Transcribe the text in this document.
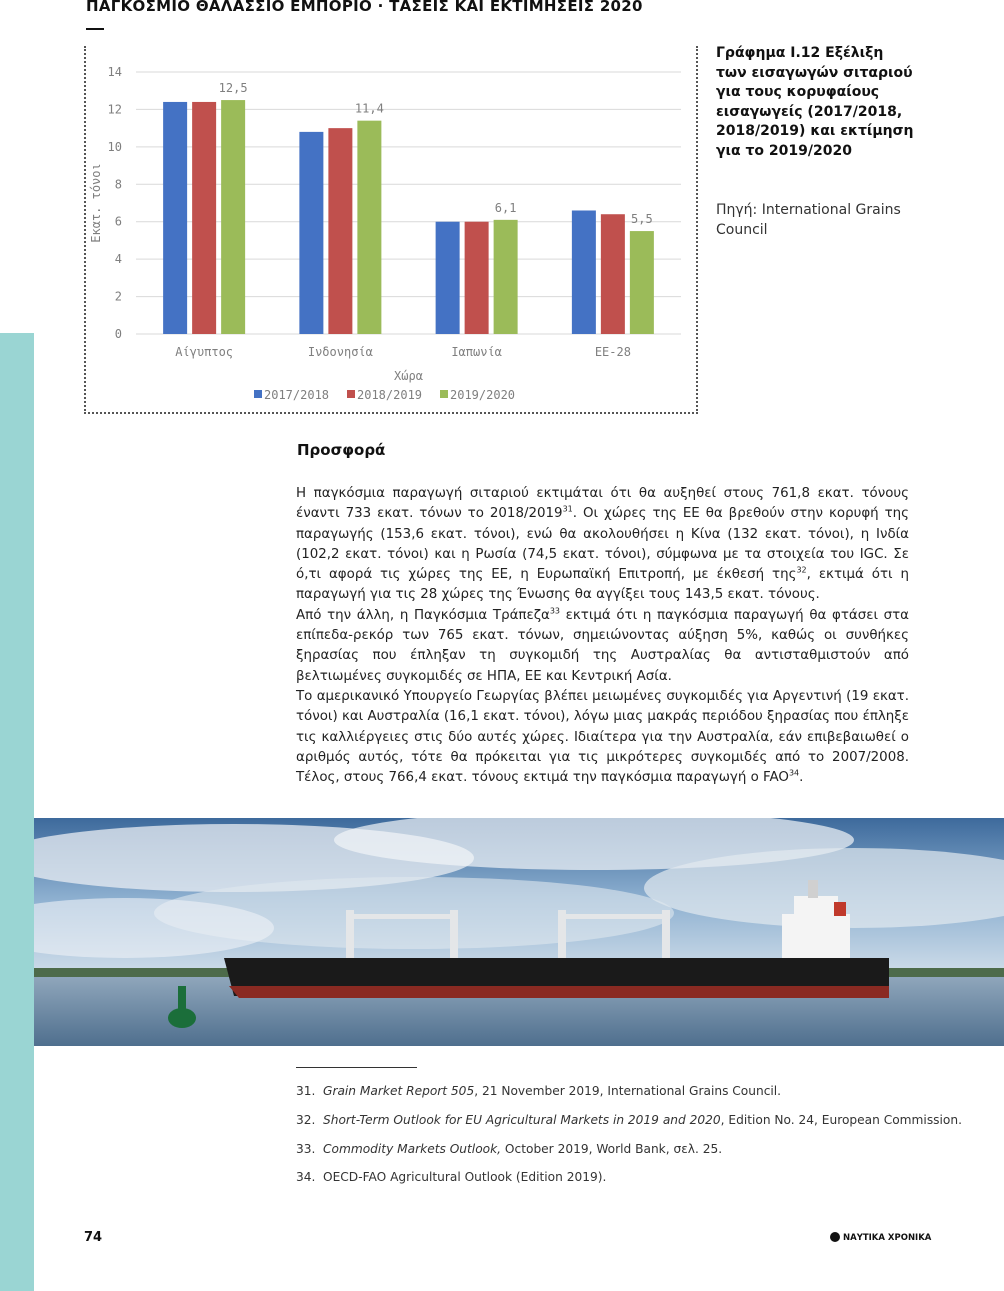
ΠΑΓΚΟΣΜΙΟ ΘΑΛΑΣΣΙΟ ΕΜΠΟΡΙΟ · ΤΑΣΕΙΣ ΚΑΙ ΕΚΤΙΜΗΣΕΙΣ 2020
0
2
4
6
8
10
12
14
Εκατ. τόνοι
12,5
Αίγυπτος
11,4
Ινδονησία
6,1
Ιαπωνία
5,5
ΕΕ-28
Χώρα
2017/2018 2018/2019 2019/2020
Γράφημα Ι.12 Εξέλιξη των εισαγωγών σιταριού για τους κορυφαίους εισαγωγείς (2017/2018, 2018/2019) και εκτίμηση για το 2019/2020
Πηγή: International Grains Council
Προσφορά

Η παγκόσμια παραγωγή σιταριού εκτιμάται ότι θα αυξηθεί στους 761,8 εκατ. τόνους έναντι 733 εκατ. τόνων το 2018/2019$^{31}$. Οι χώρες της ΕΕ θα βρεθούν στην κορυφή της παραγωγής (153,6 εκατ. τόνοι), ενώ θα ακολουθήσει η Κίνα (132 εκατ. τόνοι), η Ινδία (102,2 εκατ. τόνοι) και η Ρωσία (74,5 εκατ. τόνοι), σύμφωνα με τα στοιχεία του IGC. Σε ό,τι αφορά τις χώρες της ΕΕ, η Ευρωπαϊκή Επιτροπή, με έκθεσή της$^{32}$, εκτιμά ότι η παραγωγή για τις 28 χώρες της Ένωσης θα αγγίξει τους 143,5 εκατ. τόνους.

Από την άλλη, η Παγκόσμια Τράπεζα$^{33}$ εκτιμά ότι η παγκόσμια παραγωγή θα φτάσει στα επίπεδα-ρεκόρ των 765 εκατ. τόνων, σημειώνοντας αύξηση 5%, καθώς οι συνθήκες ξηρασίας που έπληξαν τη συγκομιδή της Αυστραλίας θα αντισταθμιστούν από βελτιωμένες συγκομιδές σε ΗΠΑ, ΕΕ και Κεντρική Ασία.

Το αμερικανικό Υπουργείο Γεωργίας βλέπει μειωμένες συγκομιδές για Αργεντινή (19 εκατ. τόνοι) και Αυστραλία (16,1 εκατ. τόνοι), λόγω μιας μακράς περιόδου ξηρασίας που έπληξε τις καλλιέργειες στις δύο αυτές χώρες. Ιδιαίτερα για την Αυστραλία, εάν επιβεβαιωθεί ο αριθμός αυτός, τότε θα πρόκειται για τις μικρότερες συγκομιδές από το 2007/2008. Τέλος, στους 766,4 εκατ. τόνους εκτιμά την παγκόσμια παραγωγή ο FAO$^{34}$.

31. Grain Market Report 505, 21 November 2019, International Grains Council.
32. Short-Term Outlook for EU Agricultural Markets in 2019 and 2020, Edition No. 24, European Commission.
33. Commodity Markets Outlook, October 2019, World Bank, σελ. 25.
34. OECD-FAO Agricultural Outlook (Edition 2019).
74	ΝΑΥΤΙΚΑ ΧΡΟΝΙΚΑ
